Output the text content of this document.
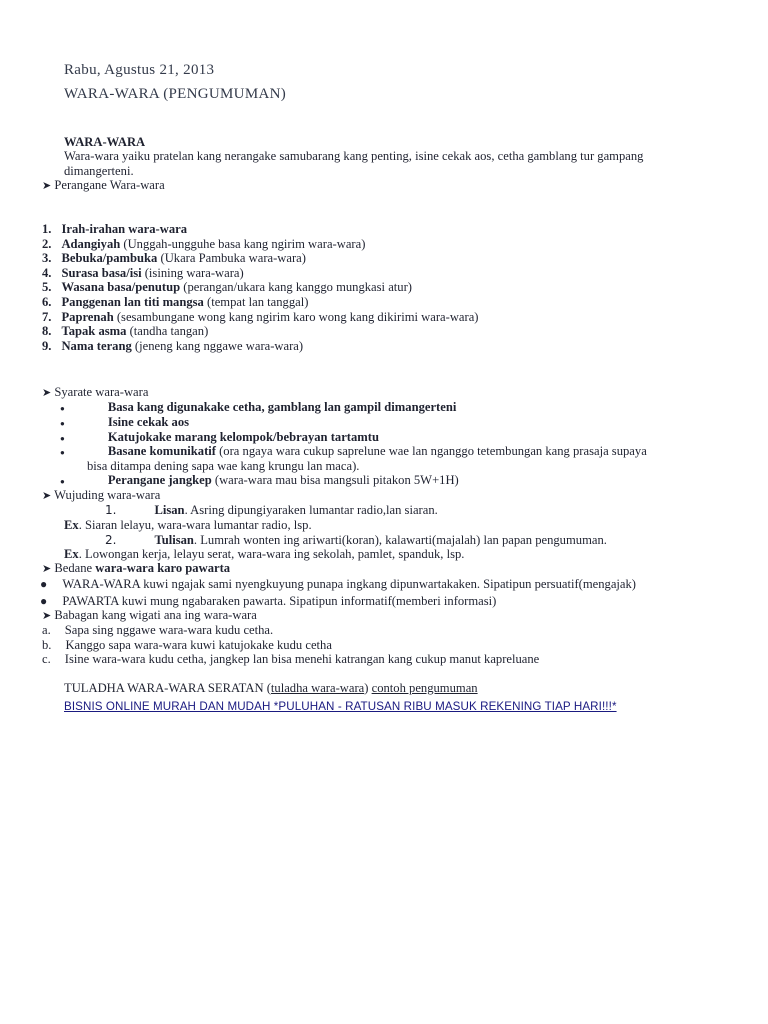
Rabu, Agustus 21, 2013
WARA-WARA (PENGUMUMAN)
WARA-WARA
Wara-wara yaiku pratelan kang nerangake samubarang kang penting, isine cekak aos, cetha gamblang tur gampang
dimangerteni.
➤ Perangane Wara-wara
1. Irah-irahan wara-wara
2. Adangiyah (Unggah-ungguhe basa kang ngirim wara-wara)
3. Bebuka/pambuka (Ukara Pambuka wara-wara)
4. Surasa basa/isi (isining wara-wara)
5. Wasana basa/penutup (perangan/ukara kang kanggo mungkasi atur)
6. Panggenan lan titi mangsa (tempat lan tanggal)
7. Paprenah (sesambungane wong kang ngirim karo wong kang dikirimi wara-wara)
8. Tapak asma (tandha tangan)
9. Nama terang (jeneng kang nggawe wara-wara)
➤ Syarate wara-wara
●	Basa kang digunakake cetha, gamblang lan gampil dimangerteni
●	Isine cekak aos
●	Katujokake marang kelompok/bebrayan tartamtu
●	Basane komunikatif (ora ngaya wara cukup saprelune wae lan nganggo tetembungan kang prasaja supaya
●	Perangane jangkep (wara-wara mau bisa mangsuli pitakon 5W+1H)
bisa ditampa dening sapa wae kang krungu lan maca).
➤ Wujuding wara-wara
1.	Lisan. Asring dipungiyaraken lumantar radio,lan siaran.
Ex. Siaran lelayu, wara-wara lumantar radio, lsp.
2.	Tulisan. Lumrah wonten ing ariwarti(koran), kalawarti(majalah) lan papan pengumuman.
Ex. Lowongan kerja, lelayu serat, wara-wara ing sekolah, pamlet, spanduk, lsp.
➤ Bedane wara-wara karo pawarta
● WARA-WARA kuwi ngajak sami nyengkuyung punapa ingkang dipunwartakaken. Sipatipun persuatif(mengajak)
● PAWARTA kuwi mung ngabaraken pawarta. Sipatipun informatif(memberi informasi)
➤ Babagan kang wigati ana ing wara-wara
a. Sapa sing nggawe wara-wara kudu cetha.
b. Kanggo sapa wara-wara kuwi katujokake kudu cetha
c. Isine wara-wara kudu cetha, jangkep lan bisa menehi katrangan kang cukup manut kapreluane
TULADHA WARA-WARA SERATAN (tuladha wara-wara) contoh pengumuman
BISNIS ONLINE MURAH DAN MUDAH *PULUHAN - RATUSAN RIBU MASUK REKENING TIAP HARI!!!*
